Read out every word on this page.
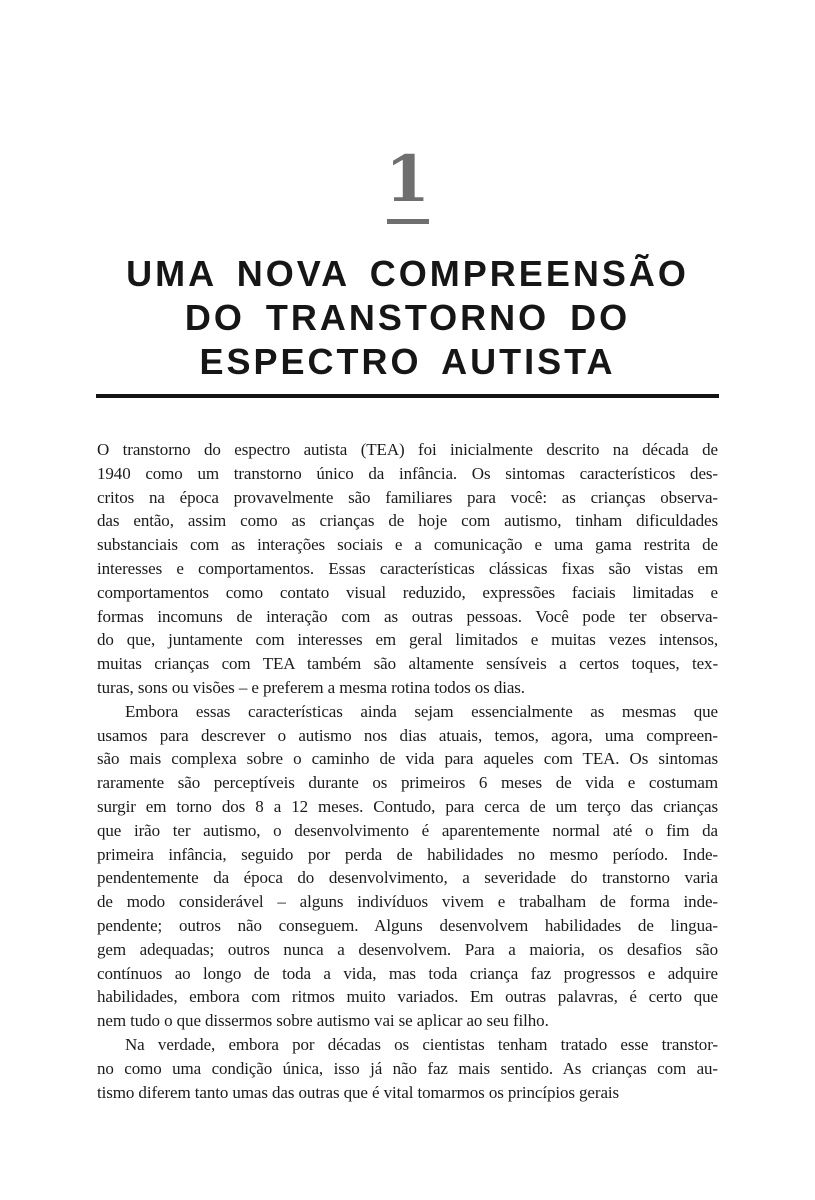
1
UMA NOVA COMPREENSÃO
DO TRANSTORNO DO
ESPECTRO AUTISTA
O transtorno do espectro autista (TEA) foi inicialmente descrito na década de
1940 como um transtorno único da infância. Os sintomas característicos des-
critos na época provavelmente são familiares para você: as crianças observa-
das então, assim como as crianças de hoje com autismo, tinham dificuldades
substanciais com as interações sociais e a comunicação e uma gama restrita de
interesses e comportamentos. Essas características clássicas fixas são vistas em
comportamentos como contato visual reduzido, expressões faciais limitadas e
formas incomuns de interação com as outras pessoas. Você pode ter observa-
do que, juntamente com interesses em geral limitados e muitas vezes intensos,
muitas crianças com TEA também são altamente sensíveis a certos toques, tex-
turas, sons ou visões – e preferem a mesma rotina todos os dias.
Embora essas características ainda sejam essencialmente as mesmas que
usamos para descrever o autismo nos dias atuais, temos, agora, uma compreen-
são mais complexa sobre o caminho de vida para aqueles com TEA. Os sintomas
raramente são perceptíveis durante os primeiros 6 meses de vida e costumam
surgir em torno dos 8 a 12 meses. Contudo, para cerca de um terço das crianças
que irão ter autismo, o desenvolvimento é aparentemente normal até o fim da
primeira infância, seguido por perda de habilidades no mesmo período. Inde-
pendentemente da época do desenvolvimento, a severidade do transtorno varia
de modo considerável – alguns indivíduos vivem e trabalham de forma inde-
pendente; outros não conseguem. Alguns desenvolvem habilidades de lingua-
gem adequadas; outros nunca a desenvolvem. Para a maioria, os desafios são
contínuos ao longo de toda a vida, mas toda criança faz progressos e adquire
habilidades, embora com ritmos muito variados. Em outras palavras, é certo que
nem tudo o que dissermos sobre autismo vai se aplicar ao seu filho.
Na verdade, embora por décadas os cientistas tenham tratado esse transtor-
no como uma condição única, isso já não faz mais sentido. As crianças com au-
tismo diferem tanto umas das outras que é vital tomarmos os princípios gerais
